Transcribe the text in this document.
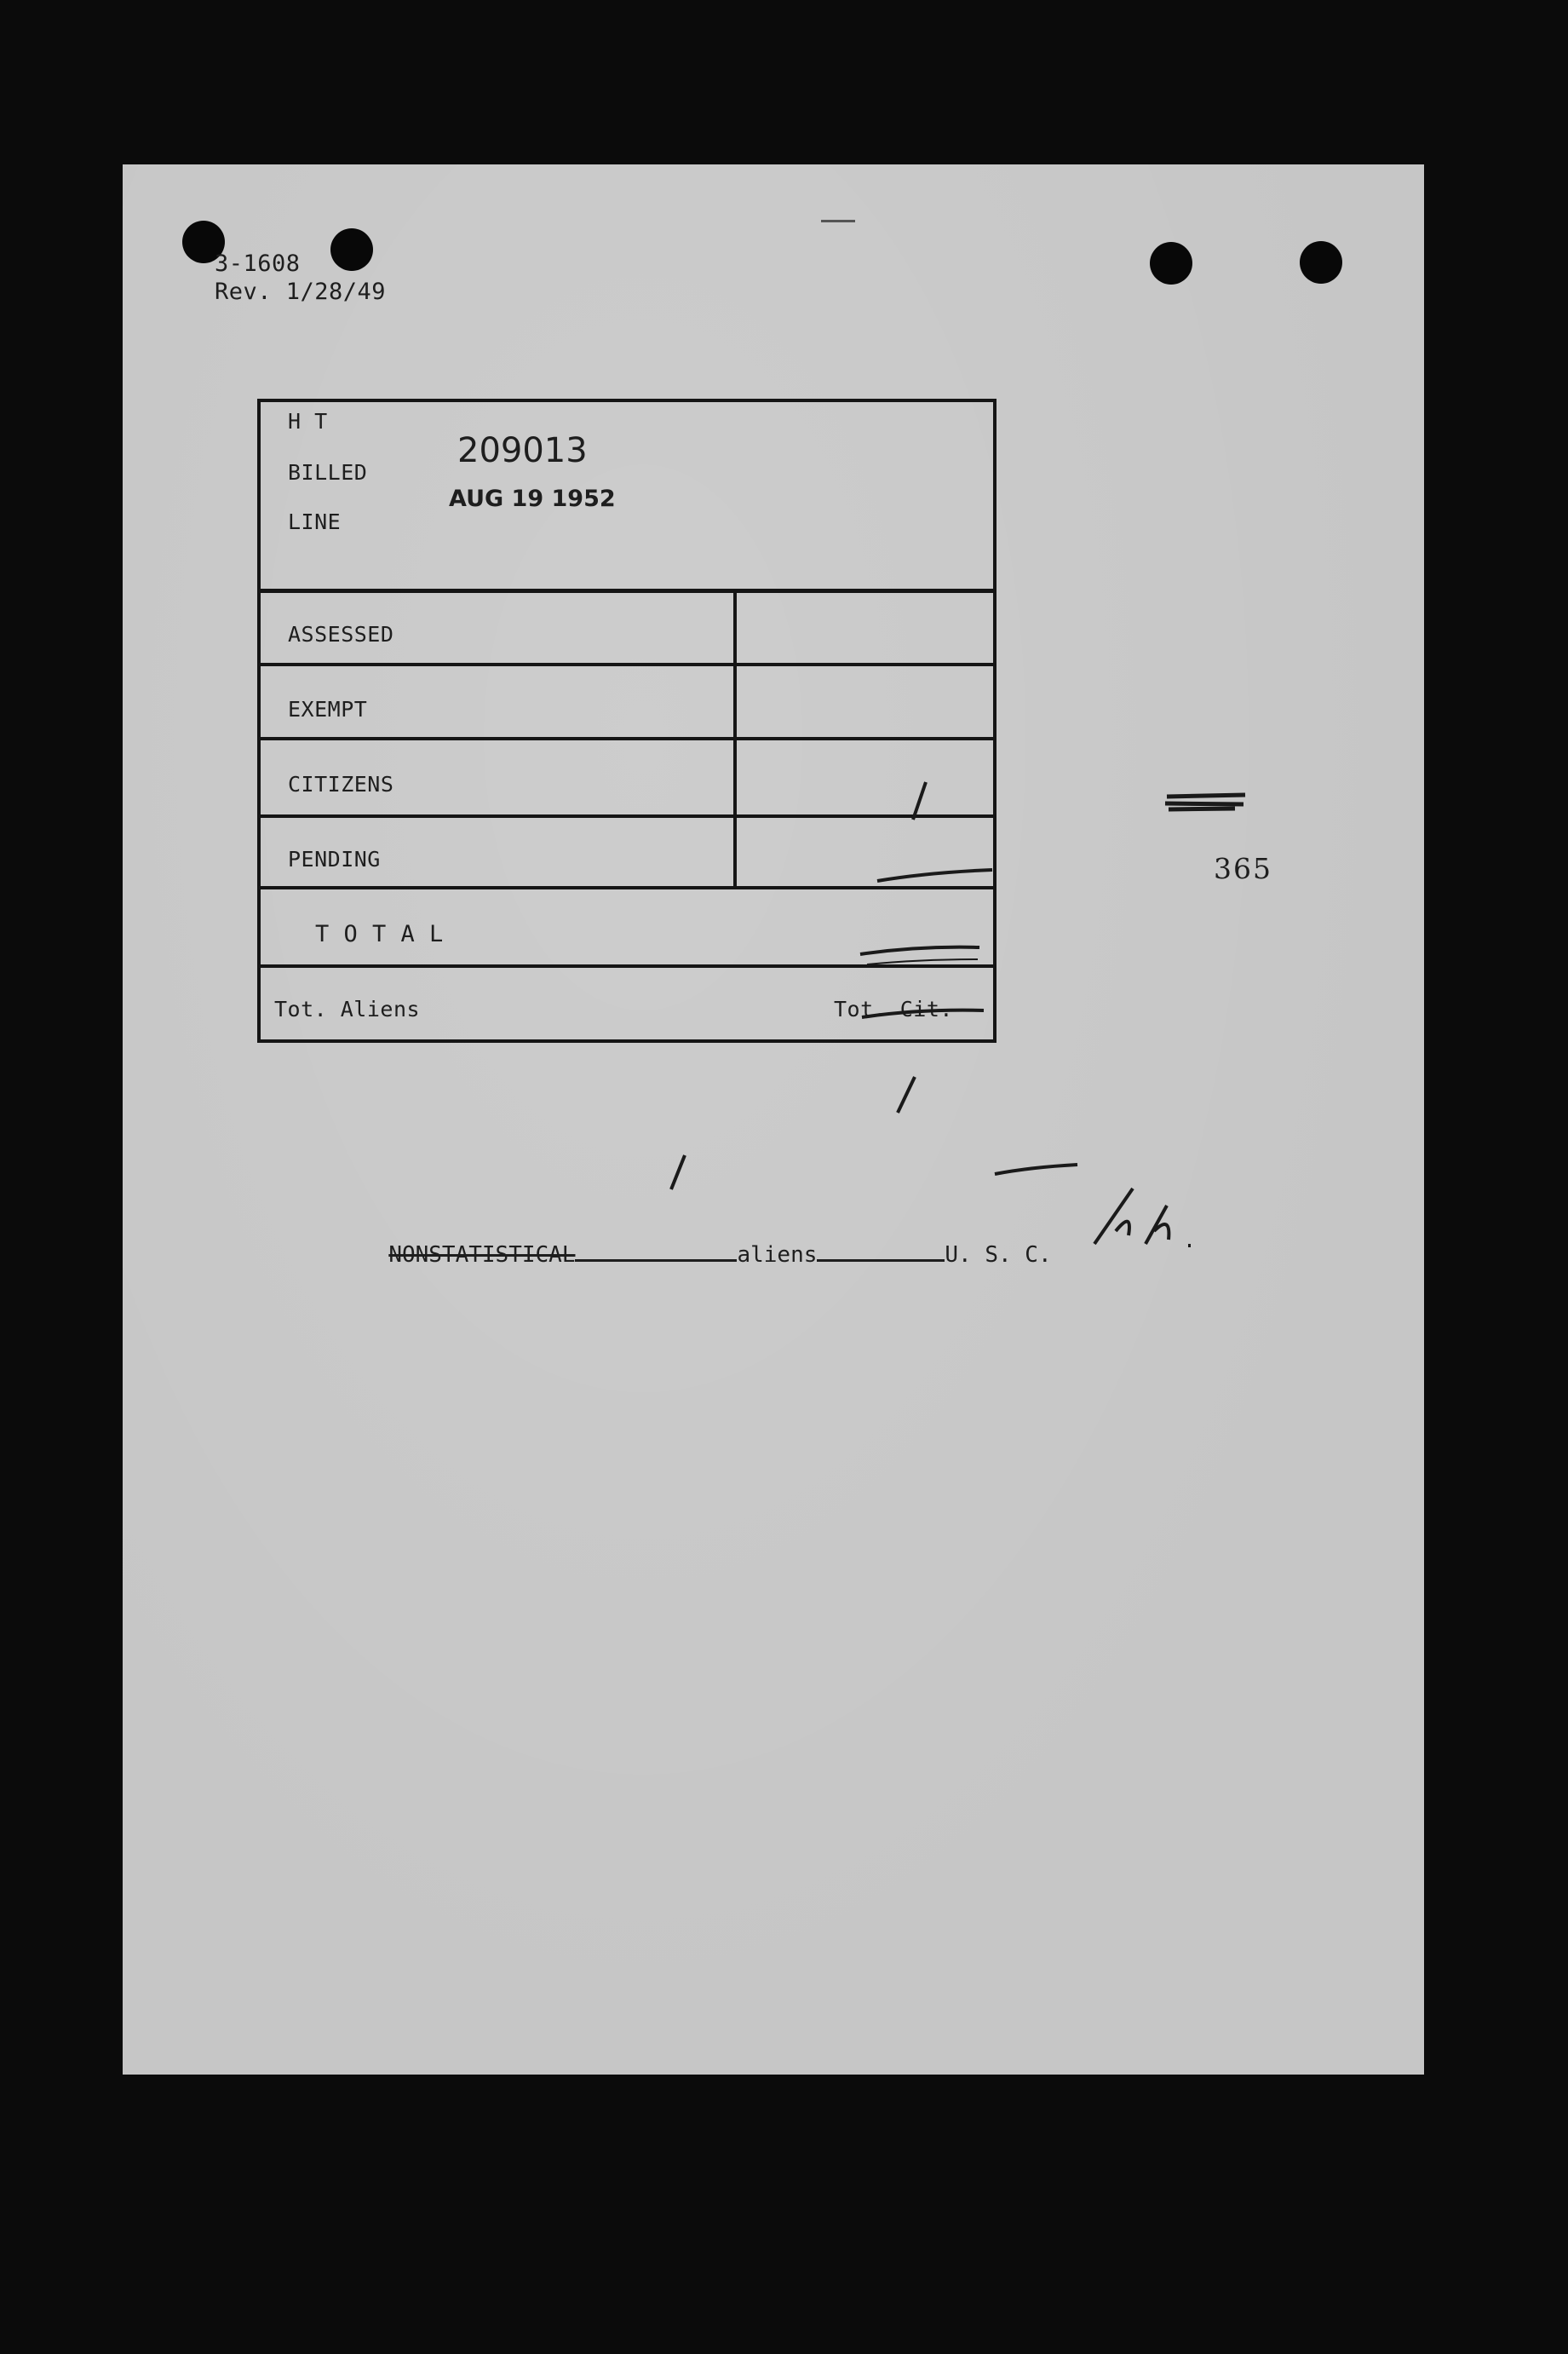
3-1608
Rev. 1/28/49
H T
BILLED
LINE
209013
AUG 19 1952
ASSESSED
EXEMPT
CITIZENS
PENDING
T O T A L
Tot. Aliens	Tot. Cit.
365

NONSTATISTICAL	aliens	U. S. C.
